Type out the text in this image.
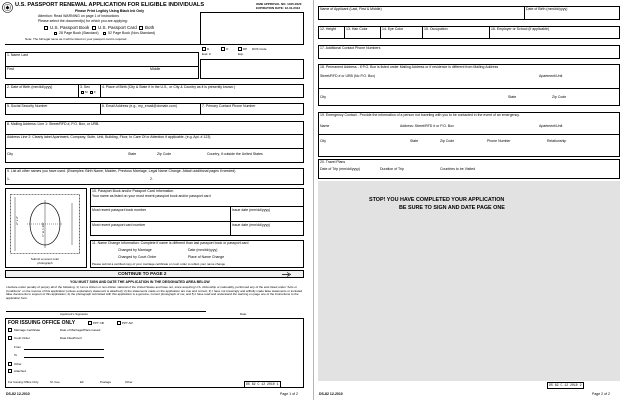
U.S. PASSPORT RENEWAL APPLICATION FOR ELIGIBLE INDIVIDUALS
Please Print Legibly Using Black Ink Only
OMB APPROVAL NO. 1405-0020
EXPIRATION DATE: 12-31-2013
Attention: Read WARNING on page 1 of instructions
Please select the document(s) for which you are applying:
U.S. Passport Book U.S. Passport Card Both
28 Page Book (Standard)	52 Page Book (Non-Standard)
Note: The full legal name as it will be listed on your passport card is required.
D	O	DP DOS Code
End. #	Exp.
1. Name Last
First	Middle
2. Date of Birth (mm/dd/yyyy)	3. Sex
M F
4. Place of Birth (City & State if in the U.S., or City & Country as it is presently known.)
5. Social Security Number	6. Email Address (e.g., my_email@domain.com)	7. Primary Contact Phone Number
8. Mailing Address: Line 1: Street/RFD #, P.O. Box, or URB.
Address Line 2: Clearly label Apartment, Company, Suite, Unit, Building, Floor, In Care Of or Attention if applicable. (e.g. Apt. # 123)
City	State	Zip Code	Country, if outside the United States
9. List all other names you have used. (Examples: Birth Name, Maiden, Previous Marriage, Legal Name Change. Attach additional pages if needed)
1.	2.
2" x 2"
1" to 1 3/8"
Submit a recent color photograph
10. Passport Book and/or Passport Card Information
Your name as listed on your most recent passport book and/or passport card
Most recent passport book number	Issue date (mm/dd/yyyy)
Most recent passport card number	Issue date (mm/dd/yyyy)
11. Name Change Information: Complete if name is different than last passport book or passport card
Changed by Marriage	Date (mm/dd/yyyy)
Changed by Court Order	Place of Name Change
Please submit a certified copy of your marriage certificate or court order to reflect your name change
CONTINUE TO PAGE 2
YOU MUST SIGN AND DATE THE APPLICATION IN THE DESIGNATED AREA BELOW
I declare under penalty of perjury all of the following: 1) I am a citizen or non-citizen national of the United States and have not, since acquiring U.S. citizenship or nationality, performed any of the acts listed under "Acts or Conditions" on the reverse of this application (unless explanatory statement is attached); 2) the statements made on the application are true and correct; 3) I have not knowingly and willfully made false statements or included false documents in support of this application; 4) the photograph submitted with this application is a genuine, current photograph of me; and 5) I have read and understand the warning on page one of the instructions to the application form.
Applicant's Signature	Date
FOR ISSUING OFFICE ONLY	PPT CB	PPT AR
Marriage Certificate	Date of Marriage/Place Issued
Court Order	Date Filed/Court
From
To
Other
Attached
For Issuing Office Only	St. Fee	EF	Postage	Other	DS 82 C 12 2010 1
DS-82 12-2010	Page 1 of 2
Name of Applicant (Last, First & Middle)	Date of Birth (mm/dd/yyyy)
12. Height	13. Hair Color	14. Eye Color	15. Occupation	16. Employer or School (if applicable)
17. Additional Contact Phone Numbers
18. Permanent Address - If P.O. Box is listed under Mailing Address or if residence is different from Mailing Address
Street/RFD # or URB (No P.O. Box)	Apartment/Unit
City	State	Zip Code
19. Emergency Contact - Provide the information of a person not traveling with you to be contacted in the event of an emergency.
Name	Address: Street/RFD # or P.O. Box	Apartment/Unit
City	State	Zip Code	Phone Number	Relationship
20. Travel Plans
Date of Trip (mm/dd/yyyy)	Duration of Trip	Countries to be Visited
STOP! YOU HAVE COMPLETED YOUR APPLICATION
BE SURE TO SIGN AND DATE PAGE ONE
DS 82 C 12 2010 2
DS-82 12-2010	Page 2 of 2
